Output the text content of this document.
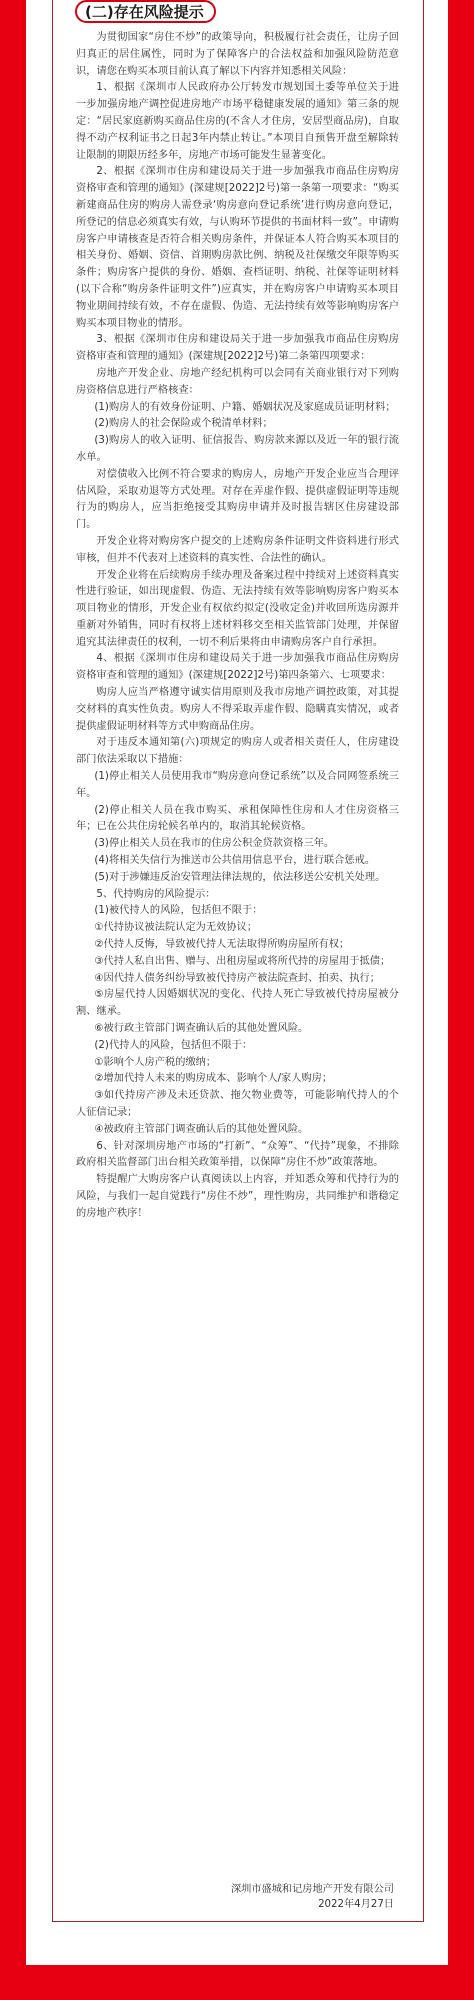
(二)存在风险提示

为贯彻国家“房住不炒”的政策导向，积极履行社会责任，让房子回归真正的居住属性，同时为了保障客户的合法权益和加强风险防范意识，请您在购买本项目前认真了解以下内容并知悉相关风险：

1、根据《深圳市人民政府办公厅转发市规划国土委等单位关于进一步加强房地产调控促进房地产市场平稳健康发展的通知》第三条的规定：“居民家庭新购买商品住房的(不含人才住房，安居型商品房)，自取得不动产权利证书之日起3年内禁止转让。”本项目自预售开盘至解除转让限制的期限历经多年，房地产市场可能发生显著变化。

2、根据《深圳市住房和建设局关于进一步加强我市商品住房购房资格审查和管理的通知》(深建规[2022]2号)第一条第一项要求：“购买新建商品住房的购房人需登录‘购房意向登记系统’进行购房意向登记，所登记的信息必须真实有效，与认购环节提供的书面材料一致”。申请购房客户申请核查是否符合相关购房条件，并保证本人符合购买本项目的相关身份、婚姻、资信、首期购房款比例、纳税及社保缴交年限等购买条件；购房客户提供的身份、婚姻、查档证明、纳税、社保等证明材料(以下合称“购房条件证明文件”)应真实，并在购房客户申请购买本项目物业期间持续有效，不存在虚假、伪造、无法持续有效等影响购房客户购买本项目物业的情形。

3、根据《深圳市住房和建设局关于进一步加强我市商品住房购房资格审查和管理的通知》(深建规[2022]2号)第二条第四项要求：

房地产开发企业、房地产经纪机构可以会同有关商业银行对下列购房资格信息进行严格核查：

(1)购房人的有效身份证明、户籍、婚姻状况及家庭成员证明材料；

(2)购房人的社会保险或个税清单材料；

(3)购房人的收入证明、征信报告、购房款来源以及近一年的银行流水单。

对偿债收入比例不符合要求的购房人，房地产开发企业应当合理评估风险，采取劝退等方式处理。对存在弄虚作假、提供虚假证明等违规行为的购房人，应当拒绝接受其购房申请并及时报告辖区住房建设部门。

开发企业将对购房客户提交的上述购房条件证明文件资料进行形式审核，但并不代表对上述资料的真实性、合法性的确认。

开发企业将在后续购房手续办理及备案过程中持续对上述资料真实性进行验证，如出现虚假、伪造、无法持续有效等影响购房客户购买本项目物业的情形，开发企业有权依约拟定(没收定金)并收回所选房源并重新对外销售，同时有权将上述材料移交至相关监管部门处理，并保留追究其法律责任的权利，一切不利后果将由申请购房客户自行承担。

4、根据《深圳市住房和建设局关于进一步加强我市商品住房购房资格审查和管理的通知》(深建规[2022]2号)第四条第六、七项要求：

购房人应当严格遵守诚实信用原则及我市房地产调控政策，对其提交材料的真实性负责。购房人不得采取弄虚作假、隐瞒真实情况，或者提供虚假证明材料等方式申购商品住房。

对于违反本通知第(六)项规定的购房人或者相关责任人，住房建设部门依法采取以下措施：

(1)停止相关人员使用我市“购房意向登记系统”以及合同网签系统三年。

(2)停止相关人员在我市购买、承租保障性住房和人才住房资格三年；已在公共住房轮候名单内的，取消其轮候资格。

(3)停止相关人员在我市的住房公积金贷款资格三年。

(4)将相关失信行为推送市公共信用信息平台，进行联合惩戒。

(5)对于涉嫌违反治安管理法律法规的，依法移送公安机关处理。

5、代持购房的风险提示：

(1)被代持人的风险，包括但不限于：

①代持协议被法院认定为无效协议；

②代持人反悔，导致被代持人无法取得所购房屋所有权；

③代持人私自出售、赠与、出租房屋或将所代持的房屋用于抵债；

④因代持人债务纠纷导致被代持房产被法院查封、拍卖、执行；

⑤房屋代持人因婚姻状况的变化、代持人死亡导致被代持房屋被分割、继承。

⑥被行政主管部门调查确认后的其他处置风险。

(2)代持人的风险，包括但不限于：

①影响个人房产税的缴纳；

②增加代持人未来的购房成本、影响个人/家人购房；

③如代持房产涉及未还贷款、拖欠物业费等，可能影响代持人的个人征信记录；

④被政府主管部门调查确认后的其他处置风险。

6、针对深圳房地产市场的“打新”、“众筹”、“代持”现象，不排除政府相关监督部门出台相关政策举措，以保障“房住不炒”政策落地。

特提醒广大购房客户认真阅读以上内容，并知悉众筹和代持行为的风险，与我们一起自觉践行“房住不炒”，理性购房，共同维护和谐稳定的房地产秩序！

深圳市盛城和记房地产开发有限公司
2022年4月27日
